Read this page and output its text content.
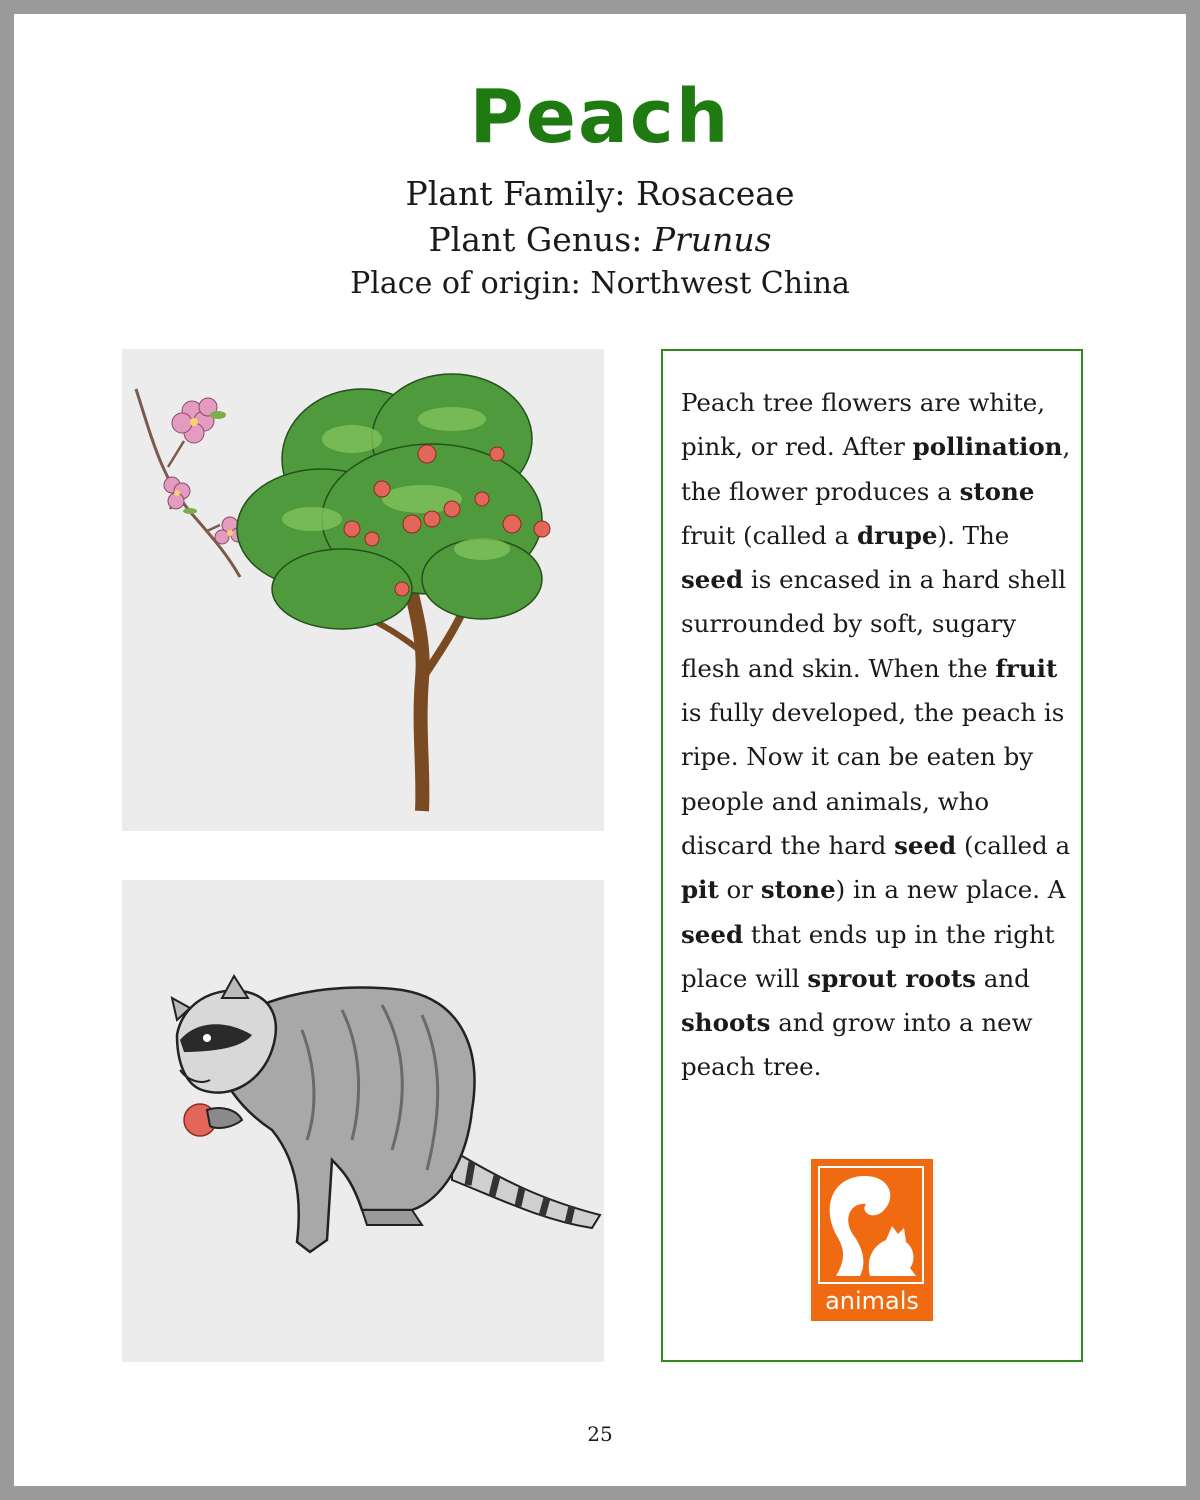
Peach
Plant Family: Rosaceae
Plant Genus: Prunus
Place of origin: Northwest China
Peach tree flowers are white, pink, or red. After pollination, the flower produces a stone fruit (called a drupe). The seed is encased in a hard shell surrounded by soft, sugary flesh and skin. When the fruit is fully developed, the peach is ripe. Now it can be eaten by people and animals, who discard the hard seed (called a pit or stone) in a new place. A seed that ends up in the right place will sprout roots and shoots and grow into a new peach tree.
animals
25
